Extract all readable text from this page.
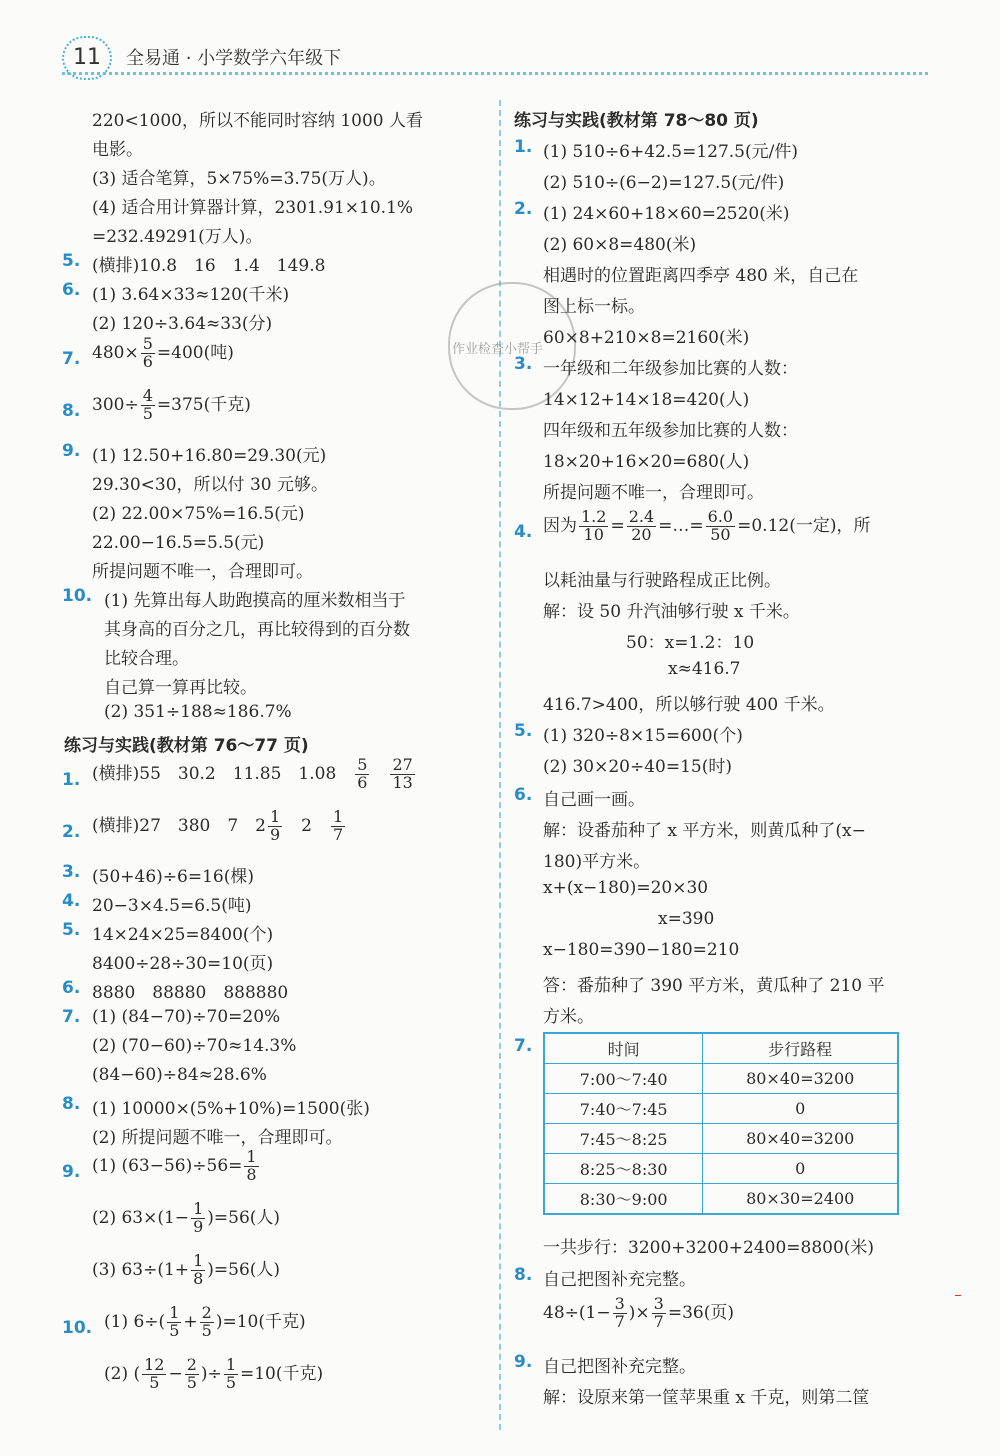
11	全易通 · 小学数学六年级下
作业检查小帮手
220<1000，所以不能同时容纳 1000 人看
电影。
(3) 适合笔算，5×75%=3.75(万人)。
(4) 适合用计算器计算，2301.91×10.1%
=232.49291(万人)。
5. (横排)10.8　16　1.4　149.8
6. (1) 3.64×33≈120(千米)
(2) 120÷3.64≈33(分)
7. $480\times \frac{5}{6} =400$(吨)
8. $300\div \frac{4}{5} =375$(千克)
9. (1) 12.50+16.80=29.30(元)
29.30<30，所以付 30 元够。
(2) 22.00×75%=16.5(元)
22.00−16.5=5.5(元)
所提问题不唯一，合理即可。
10. (1) 先算出每人助跑摸高的厘米数相当于
其身高的百分之几，再比较得到的百分数
比较合理。
自己算一算再比较。
(2) 351÷188≈186.7%
练习与实践(教材第 76～77 页)
1. (横排)55　30.2　11.85　1.08　 $\frac{5}{6}$
　 $\frac{27}{13}$
2. (横排)27　380　7　$2 \frac{1}{9}$
　 2　 $\frac{1}{7}$
3. (50+46)÷6=16(棵)
4. 20−3×4.5=6.5(吨)
5. 14×24×25=8400(个)
8400÷28÷30=10(页)
6. 8880　88880　888880
7. (1) (84−70)÷70=20%
(2) (70−60)÷70≈14.3%
(84−60)÷84≈28.6%
8. (1) 10000×(5%+10%)=1500(张)
(2) 所提问题不唯一，合理即可。
9. (1) $(63-56)\div 56= \frac{1}{8}$
(2) $63\times(1- \frac{1}{9} )=56$(人)
(3) $63\div(1+ \frac{1}{8} )=56$(人)
10. (1) $6\div( \frac{1}{5} + \frac{2}{5} )=10$(千克)
(2) ( $\frac{12}{5} - \frac{2}{5}$ )÷ $\frac{1}{5} =10$(千克)
练习与实践(教材第 78～80 页)
1. (1) 510÷6+42.5=127.5(元/件)
(2) 510÷(6−2)=127.5(元/件)
2. (1) 24×60+18×60=2520(米)
(2) 60×8=480(米)
相遇时的位置距离四季亭 480 米，自己在
图上标一标。
60×8+210×8=2160(米)
3. 一年级和二年级参加比赛的人数：
14×12+14×18=420(人)
四年级和五年级参加比赛的人数：
18×20+16×20=680(人)
所提问题不唯一，合理即可。
4. 因为 $\frac{1.2}{10} = \frac{2.4}{20}$ =…= $\frac{6.0}{50} =0.12$(一定)，所
以耗油量与行驶路程成正比例。
解：设 50 升汽油够行驶 x 千米。
50：x=1.2：10
x≈416.7
416.7>400，所以够行驶 400 千米。
5. (1) 320÷8×15=600(个)
(2) 30×20÷40=15(时)
6. 自己画一画。
解：设番茄种了 x 平方米，则黄瓜种了(x−
180)平方米。
x+(x−180)=20×30
x=390
x−180=390−180=210
答：番茄种了 390 平方米，黄瓜种了 210 平
方米。
7.	时间	步行路程
7:00～7:40	80×40=3200
7:40～7:45	0
7:45～8:25	80×40=3200
8:25～8:30	0
8:30～9:00	80×30=2400
一共步行：3200+3200+2400=8800(米)
8. 自己把图补充完整。
$48\div(1- \frac{3}{7}$ )× $\frac{3}{7} =36$(页)
9. 自己把图补充完整。
解：设原来第一筐苹果重 x 千克，则第二筐
